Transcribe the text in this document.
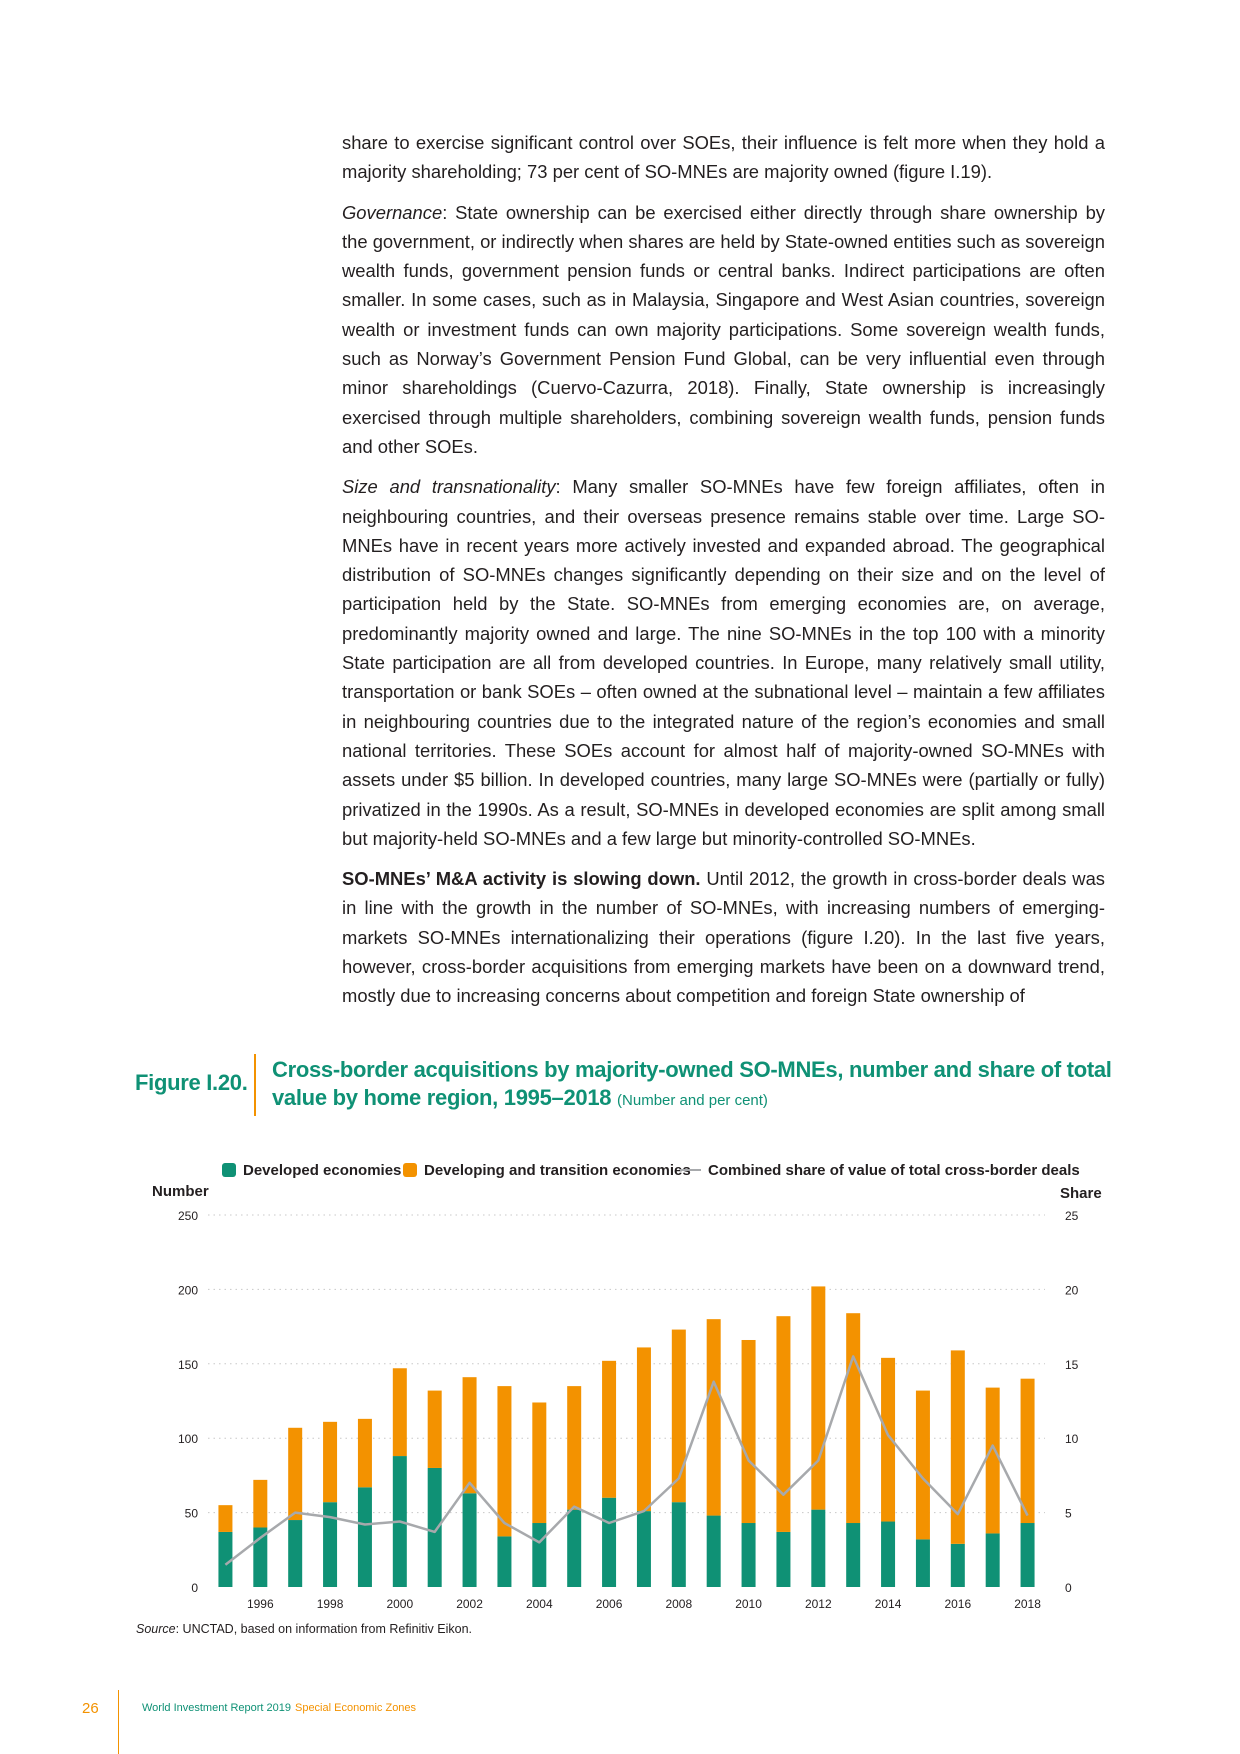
share to exercise significant control over SOEs, their influence is felt more when they hold a majority shareholding; 73 per cent of SO-MNEs are majority owned (figure I.19).

Governance: State ownership can be exercised either directly through share ownership by the government, or indirectly when shares are held by State-owned entities such as sovereign wealth funds, government pension funds or central banks. Indirect participations are often smaller. In some cases, such as in Malaysia, Singapore and West Asian countries, sovereign wealth or investment funds can own majority participations. Some sovereign wealth funds, such as Norway’s Government Pension Fund Global, can be very influential even through minor shareholdings (Cuervo-Cazurra, 2018). Finally, State ownership is increasingly exercised through multiple shareholders, combining sovereign wealth funds, pension funds and other SOEs.

Size and transnationality: Many smaller SO-MNEs have few foreign affiliates, often in neighbouring countries, and their overseas presence remains stable over time. Large SO-MNEs have in recent years more actively invested and expanded abroad. The geographical distribution of SO-MNEs changes significantly depending on their size and on the level of participation held by the State. SO-MNEs from emerging economies are, on average, predominantly majority owned and large. The nine SO-MNEs in the top 100 with a minority State participation are all from developed countries. In Europe, many relatively small utility, transportation or bank SOEs – often owned at the subnational level – maintain a few affiliates in neighbouring countries due to the integrated nature of the region’s economies and small national territories. These SOEs account for almost half of majority-owned SO-MNEs with assets under $5 billion. In developed countries, many large SO-MNEs were (partially or fully) privatized in the 1990s. As a result, SO-MNEs in developed economies are split among small but majority-held SO-MNEs and a few large but minority-controlled SO-MNEs.

SO-MNEs’ M&A activity is slowing down. Until 2012, the growth in cross-border deals was in line with the growth in the number of SO-MNEs, with increasing numbers of emerging-markets SO-MNEs internationalizing their operations (figure I.20). In the last five years, however, cross-border acquisitions from emerging markets have been on a downward trend, mostly due to increasing concerns about competition and foreign State ownership of

Figure I.20.
Cross-border acquisitions by majority-owned SO-MNEs, number and share of total value by home region, 1995–2018 (Number and per cent)
Developed economies Developing and transition economies Combined share of value of total cross-border deals
Number	Share
0
50
100
150
200
250
0
5
10
15
20
25
1996	1998	2000	2002	2004	2006	2008	2010	2012	2014	2016	2018
Source: UNCTAD, based on information from Refinitiv Eikon.
26	World Investment Report 2019 Special Economic Zones
